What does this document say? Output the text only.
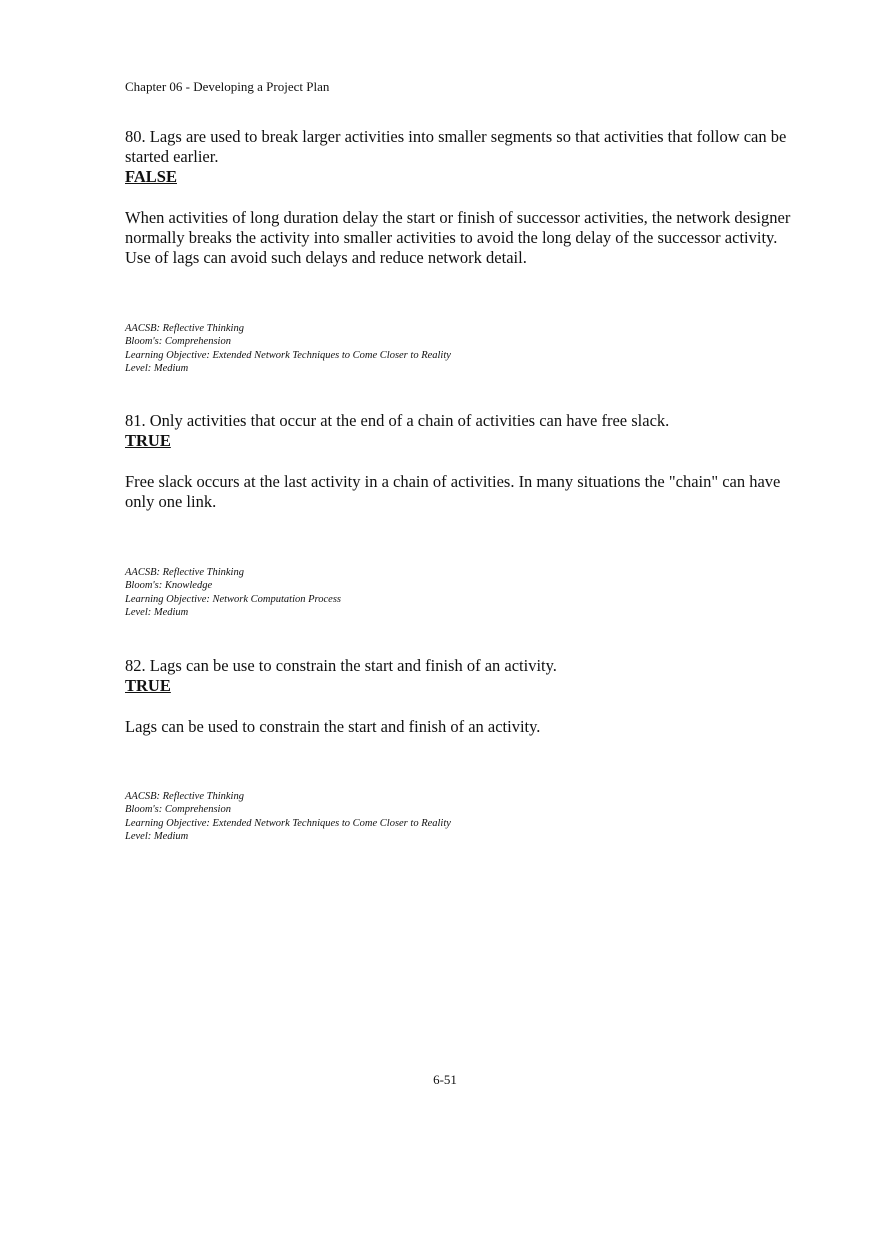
Chapter 06 - Developing a Project Plan

80. Lags are used to break larger activities into smaller segments so that activities that follow can be started earlier.

FALSE

When activities of long duration delay the start or finish of successor activities, the network designer normally breaks the activity into smaller activities to avoid the long delay of the successor activity. Use of lags can avoid such delays and reduce network detail.

AACSB: Reflective Thinking

Bloom's: Comprehension

Learning Objective: Extended Network Techniques to Come Closer to Reality

Level: Medium

81. Only activities that occur at the end of a chain of activities can have free slack.

TRUE

Free slack occurs at the last activity in a chain of activities. In many situations the "chain" can have only one link.

AACSB: Reflective Thinking

Bloom's: Knowledge

Learning Objective: Network Computation Process

Level: Medium

82. Lags can be use to constrain the start and finish of an activity.

TRUE

Lags can be used to constrain the start and finish of an activity.

AACSB: Reflective Thinking

Bloom's: Comprehension

Learning Objective: Extended Network Techniques to Come Closer to Reality

Level: Medium

6-51
